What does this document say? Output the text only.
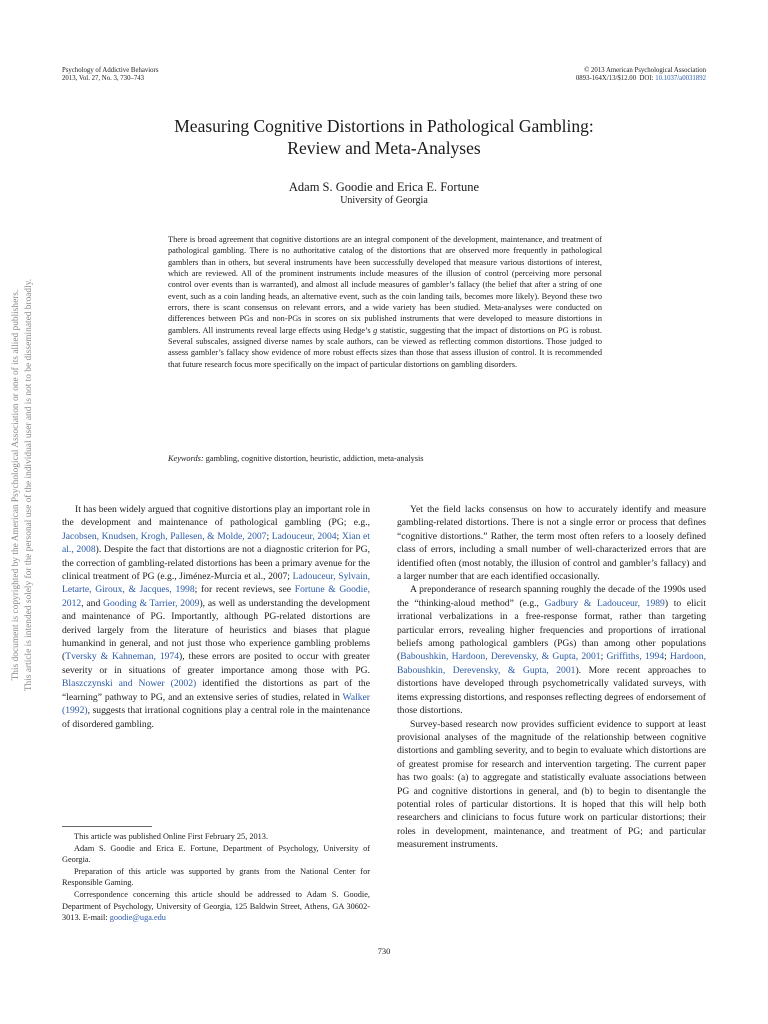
Psychology of Addictive Behaviors
2013, Vol. 27, No. 3, 730–743
© 2013 American Psychological Association
0893-164X/13/$12.00 DOI: 10.1037/a0031892
This document is copyrighted by the American Psychological Association or one of its allied publishers. This article is intended solely for the personal use of the individual user and is not to be disseminated broadly.
Measuring Cognitive Distortions in Pathological Gambling:
Review and Meta-Analyses
Adam S. Goodie and Erica E. Fortune
University of Georgia

There is broad agreement that cognitive distortions are an integral component of the development, maintenance, and treatment of pathological gambling. There is no authoritative catalog of the distortions that are observed more frequently in pathological gamblers than in others, but several instruments have been successfully developed that measure various distortions of interest, which are reviewed. All of the prominent instruments include measures of the illusion of control (perceiving more personal control over events than is warranted), and almost all include measures of gambler’s fallacy (the belief that after a string of one event, such as a coin landing heads, an alternative event, such as the coin landing tails, becomes more likely). Beyond these two errors, there is scant consensus on relevant errors, and a wide variety has been studied. Meta-analyses were conducted on differences between PGs and non-PGs in scores on six published instruments that were developed to measure distortions in gamblers. All instruments reveal large effects using Hedge’s g statistic, suggesting that the impact of distortions on PG is robust. Several subscales, assigned diverse names by scale authors, can be viewed as reflecting common distortions. Those judged to assess gambler’s fallacy show evidence of more robust effects sizes than those that assess illusion of control. It is recommended that future research focus more specifically on the impact of particular distortions on gambling disorders.

Keywords: gambling, cognitive distortion, heuristic, addiction, meta-analysis

It has been widely argued that cognitive distortions play an important role in the development and maintenance of pathological gambling (PG; e.g., Jacobsen, Knudsen, Krogh, Pallesen, & Molde, 2007; Ladouceur, 2004; Xian et al., 2008). Despite the fact that distortions are not a diagnostic criterion for PG, the correction of gambling-related distortions has been a primary avenue for the clinical treatment of PG (e.g., Jiménez-Murcia et al., 2007; Ladouceur, Sylvain, Letarte, Giroux, & Jacques, 1998; for recent reviews, see Fortune & Goodie, 2012, and Gooding & Tarrier, 2009), as well as understanding the development and maintenance of PG. Importantly, although PG-related distortions are derived largely from the literature of heuristics and biases that plague humankind in general, and not just those who experience gambling problems (Tversky & Kahneman, 1974), these errors are posited to occur with greater severity or in situations of greater importance among those with PG. Blaszczynski and Nower (2002) identified the distortions as part of the “learning” pathway to PG, and an extensive series of studies, related in Walker (1992), suggests that irrational cognitions play a central role in the maintenance of disordered gambling.

Yet the field lacks consensus on how to accurately identify and measure gambling-related distortions. There is not a single error or process that defines “cognitive distortions.” Rather, the term most often refers to a loosely defined class of errors, including a small number of well-characterized errors that are identified often (most notably, the illusion of control and gambler’s fallacy) and a larger number that are each identified occasionally.

A preponderance of research spanning roughly the decade of the 1990s used the “thinking-aloud method” (e.g., Gadbury & Ladouceur, 1989) to elicit irrational verbalizations in a free-response format, rather than targeting particular errors, revealing higher frequencies and proportions of irrational beliefs among pathological gamblers (PGs) than among other populations (Baboushkin, Hardoon, Derevensky, & Gupta, 2001; Griffiths, 1994; Hardoon, Baboushkin, Derevensky, & Gupta, 2001). More recent approaches to distortions have developed through psychometrically validated surveys, with items expressing distortions, and responses reflecting degrees of endorsement of those distortions.

Survey-based research now provides sufficient evidence to support at least provisional analyses of the magnitude of the relationship between cognitive distortions and gambling severity, and to begin to evaluate which distortions are of greatest promise for research and intervention targeting. The current paper has two goals: (a) to aggregate and statistically evaluate associations between PG and cognitive distortions in general, and (b) to begin to disentangle the potential roles of particular distortions. It is hoped that this will help both researchers and clinicians to focus future work on particular distortions; their roles in development, maintenance, and treatment of PG; and particular measurement instruments.

This article was published Online First February 25, 2013.

Adam S. Goodie and Erica E. Fortune, Department of Psychology, University of Georgia.

Preparation of this article was supported by grants from the National Center for Responsible Gaming.

Correspondence concerning this article should be addressed to Adam S. Goodie, Department of Psychology, University of Georgia, 125 Baldwin Street, Athens, GA 30602-3013. E-mail: goodie@uga.edu

730
